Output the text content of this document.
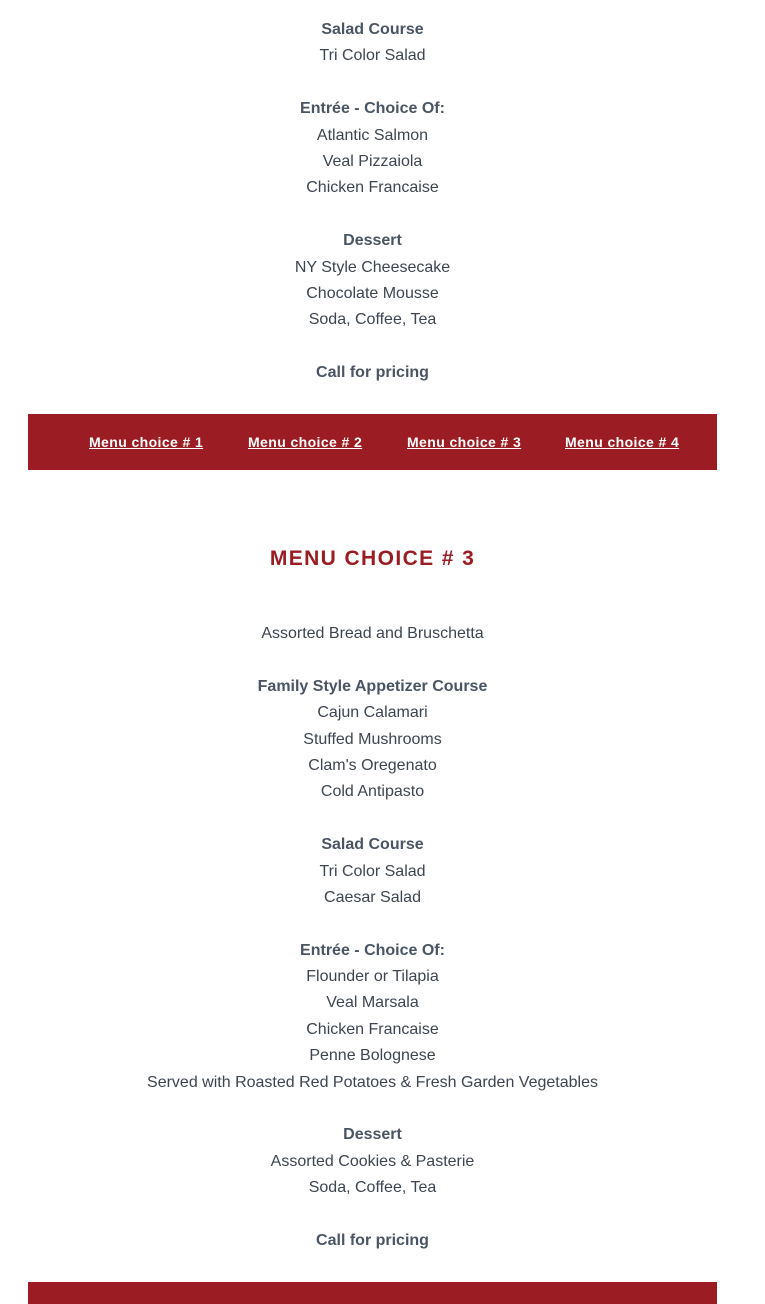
Salad Course
Tri Color Salad
Entrée - Choice Of:
Atlantic Salmon
Veal Pizzaiola
Chicken Francaise
Dessert
NY Style Cheesecake
Chocolate Mousse
Soda, Coffee, Tea
Call for pricing
Menu choice # 1	Menu choice # 2	Menu choice # 3	Menu choice # 4
MENU CHOICE # 3
Assorted Bread and Bruschetta
Family Style Appetizer Course
Cajun Calamari
Stuffed Mushrooms
Clam's Oregenato
Cold Antipasto
Salad Course
Tri Color Salad
Caesar Salad
Entrée - Choice Of:
Flounder or Tilapia
Veal Marsala
Chicken Francaise
Penne Bolognese
Served with Roasted Red Potatoes & Fresh Garden Vegetables
Dessert
Assorted Cookies & Pasterie
Soda, Coffee, Tea
Call for pricing
